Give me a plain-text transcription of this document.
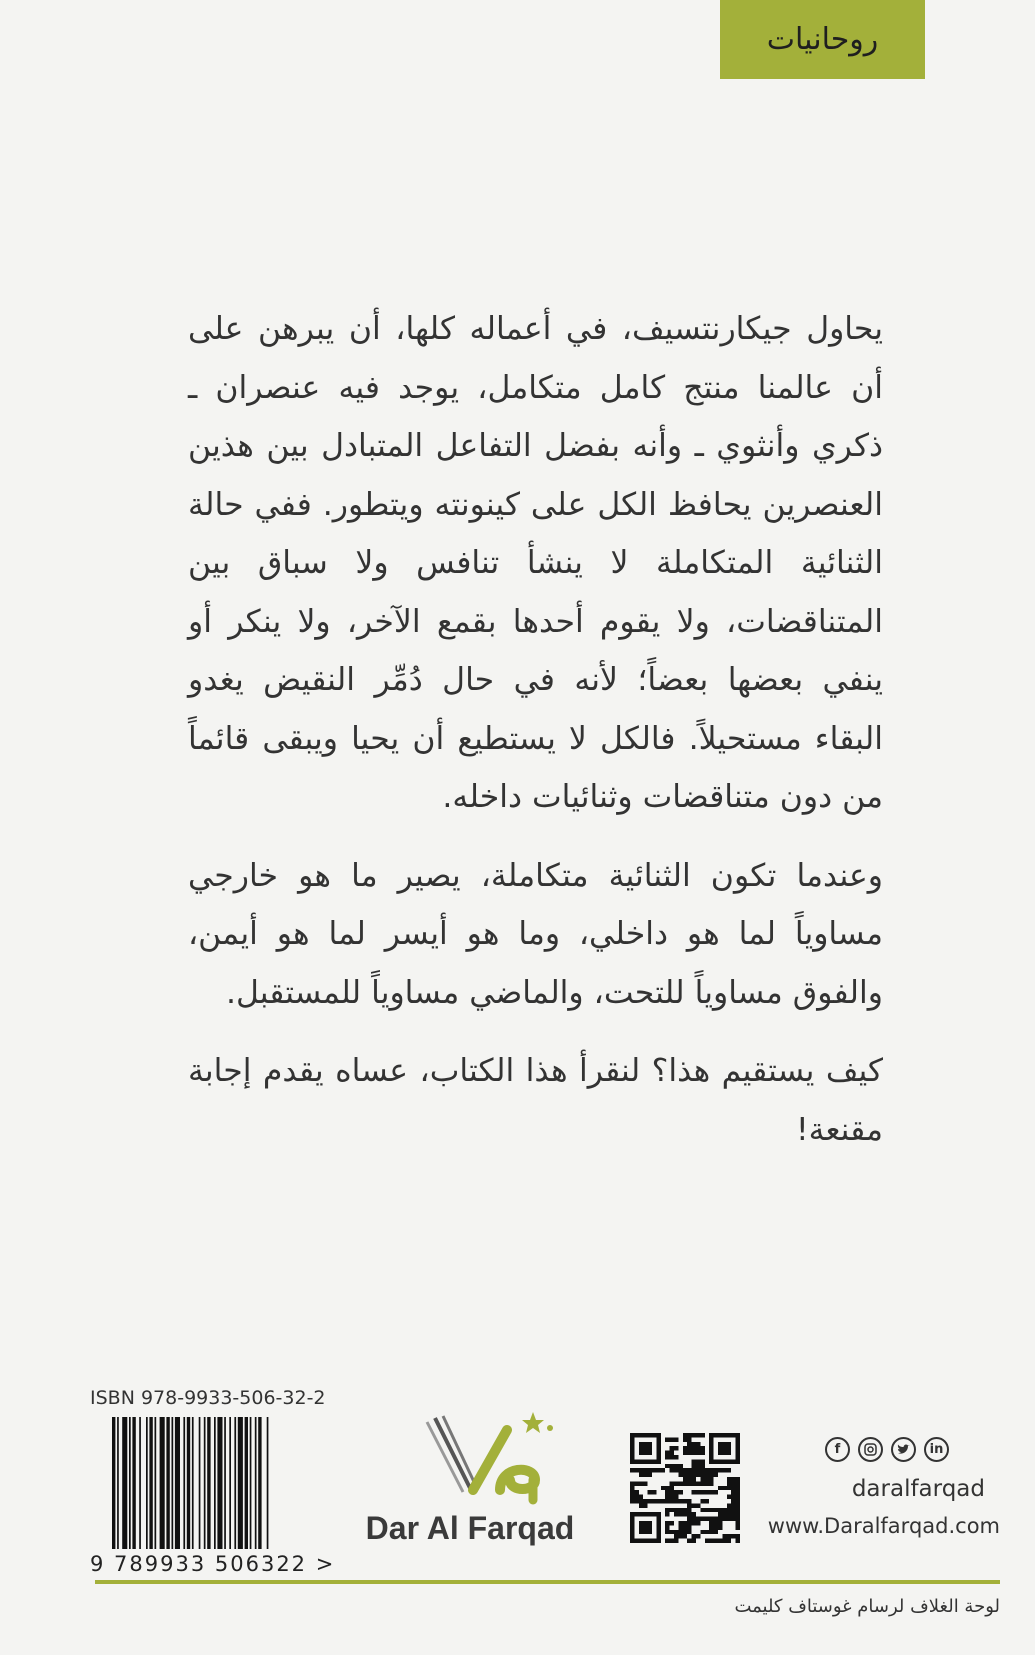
روحانيات

يحاول جيكارنتسيف، في أعماله كلها، أن يبرهن على أن عالمنا منتج كامل متكامل، يوجد فيه عنصران ـ ذكري وأنثوي ـ وأنه بفضل التفاعل المتبادل بين هذين العنصرين يحافظ الكل على كينونته ويتطور. ففي حالة الثنائية المتكاملة لا ينشأ تنافس ولا سباق بين المتناقضات، ولا يقوم أحدها بقمع الآخر، ولا ينكر أو ينفي بعضها بعضاً؛ لأنه في حال دُمِّر النقيض يغدو البقاء مستحيلاً. فالكل لا يستطيع أن يحيا ويبقى قائماً من دون متناقضات وثنائيات داخله.

وعندما تكون الثنائية متكاملة، يصير ما هو خارجي مساوياً لما هو داخلي، وما هو أيسر لما هو أيمن، والفوق مساوياً للتحت، والماضي مساوياً للمستقبل.

كيف يستقيم هذا؟ لنقرأ هذا الكتاب، عساه يقدم إجابة مقنعة!

ISBN 978-9933-506-32-2
9 789933 506322 >
Dar Al Farqad
f	in
daralfarqad
www.Daralfarqad.com
لوحة الغلاف لرسام غوستاف كليمت
